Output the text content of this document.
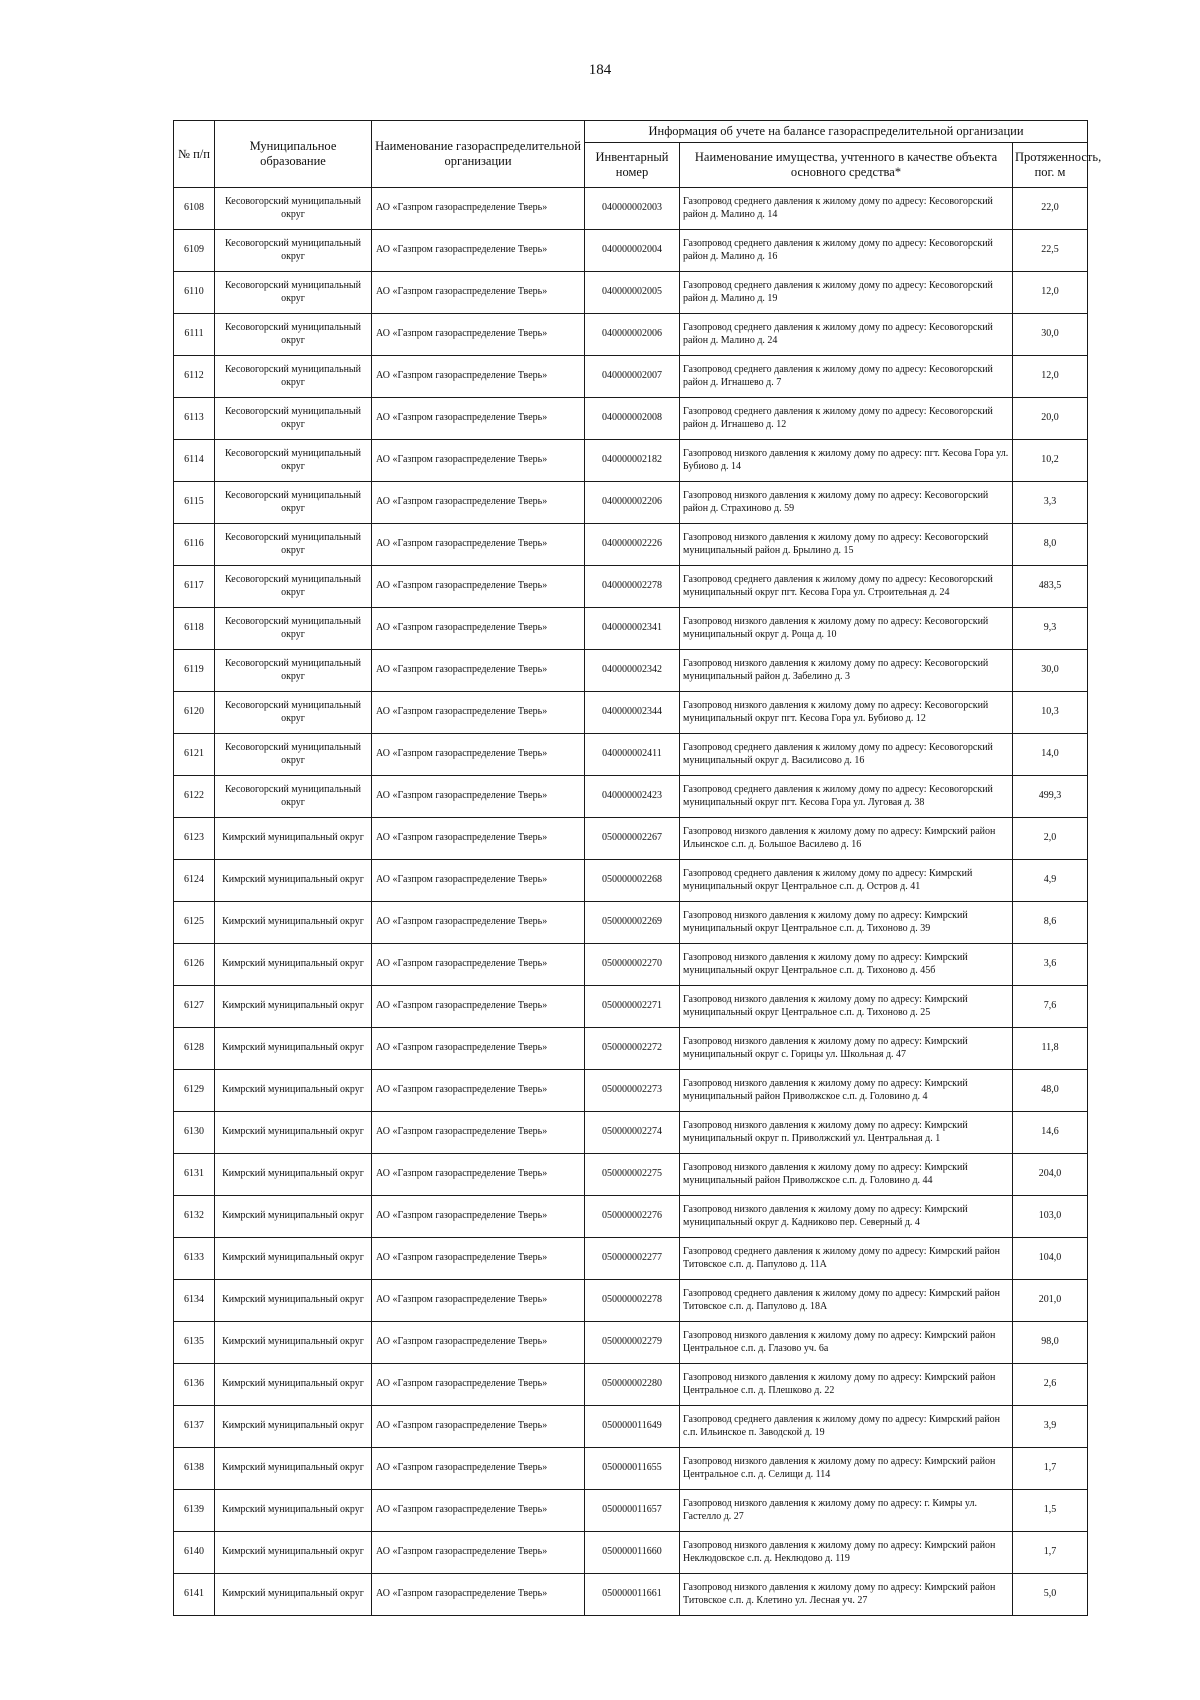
184
№ п/п	Муниципальное образование	Наименование газораспределительной организации	Информация об учете на балансе газораспределительной организации		
			Инвентарный номер	Наименование имущества, учтенного в качестве объекта основного средства*	Протяженность, пог. м
6108	Кесовогорский муниципальный округ	АО «Газпром газораспределение Тверь»	040000002003	Газопровод среднего давления к жилому дому по адресу: Кесовогорский район д. Малино д. 14	22,0
6109	Кесовогорский муниципальный округ	АО «Газпром газораспределение Тверь»	040000002004	Газопровод среднего давления к жилому дому по адресу: Кесовогорский район д. Малино д. 16	22,5
6110	Кесовогорский муниципальный округ	АО «Газпром газораспределение Тверь»	040000002005	Газопровод среднего давления к жилому дому по адресу: Кесовогорский район д. Малино д. 19	12,0
6111	Кесовогорский муниципальный округ	АО «Газпром газораспределение Тверь»	040000002006	Газопровод среднего давления к жилому дому по адресу: Кесовогорский район д. Малино д. 24	30,0
6112	Кесовогорский муниципальный округ	АО «Газпром газораспределение Тверь»	040000002007	Газопровод среднего давления к жилому дому по адресу: Кесовогорский район д. Игнашево д. 7	12,0
6113	Кесовогорский муниципальный округ	АО «Газпром газораспределение Тверь»	040000002008	Газопровод среднего давления к жилому дому по адресу: Кесовогорский район д. Игнашево д. 12	20,0
6114	Кесовогорский муниципальный округ	АО «Газпром газораспределение Тверь»	040000002182	Газопровод низкого давления к жилому дому по адресу: пгт. Кесова Гора ул. Бубиово д. 14	10,2
6115	Кесовогорский муниципальный округ	АО «Газпром газораспределение Тверь»	040000002206	Газопровод низкого давления к жилому дому по адресу: Кесовогорский район д. Страхиново д. 59	3,3
6116	Кесовогорский муниципальный округ	АО «Газпром газораспределение Тверь»	040000002226	Газопровод низкого давления к жилому дому по адресу: Кесовогорский муниципальный район д. Брылино д. 15	8,0
6117	Кесовогорский муниципальный округ	АО «Газпром газораспределение Тверь»	040000002278	Газопровод среднего давления к жилому дому по адресу: Кесовогорский муниципальный округ пгт. Кесова Гора ул. Строительная д. 24	483,5
6118	Кесовогорский муниципальный округ	АО «Газпром газораспределение Тверь»	040000002341	Газопровод низкого давления к жилому дому по адресу: Кесовогорский муниципальный округ д. Роща д. 10	9,3
6119	Кесовогорский муниципальный округ	АО «Газпром газораспределение Тверь»	040000002342	Газопровод низкого давления к жилому дому по адресу: Кесовогорский муниципальный район д. Забелино д. 3	30,0
6120	Кесовогорский муниципальный округ	АО «Газпром газораспределение Тверь»	040000002344	Газопровод низкого давления к жилому дому по адресу: Кесовогорский муниципальный округ пгт. Кесова Гора ул. Бубиово д. 12	10,3
6121	Кесовогорский муниципальный округ	АО «Газпром газораспределение Тверь»	040000002411	Газопровод среднего давления к жилому дому по адресу: Кесовогорский муниципальный округ д. Василисово д. 16	14,0
6122	Кесовогорский муниципальный округ	АО «Газпром газораспределение Тверь»	040000002423	Газопровод среднего давления к жилому дому по адресу: Кесовогорский муниципальный округ пгт. Кесова Гора ул. Луговая д. 38	499,3
6123	Кимрский муниципальный округ	АО «Газпром газораспределение Тверь»	050000002267	Газопровод низкого давления к жилому дому по адресу: Кимрский район Ильинское с.п. д. Большое Василево д. 16	2,0
6124	Кимрский муниципальный округ	АО «Газпром газораспределение Тверь»	050000002268	Газопровод среднего давления к жилому дому по адресу: Кимрский муниципальный округ Центральное с.п. д. Остров д. 41	4,9
6125	Кимрский муниципальный округ	АО «Газпром газораспределение Тверь»	050000002269	Газопровод низкого давления к жилому дому по адресу: Кимрский муниципальный округ Центральное с.п. д. Тихоново д. 39	8,6
6126	Кимрский муниципальный округ	АО «Газпром газораспределение Тверь»	050000002270	Газопровод низкого давления к жилому дому по адресу: Кимрский муниципальный округ Центральное с.п. д. Тихоново д. 45б	3,6
6127	Кимрский муниципальный округ	АО «Газпром газораспределение Тверь»	050000002271	Газопровод низкого давления к жилому дому по адресу: Кимрский муниципальный округ Центральное с.п. д. Тихоново д. 25	7,6
6128	Кимрский муниципальный округ	АО «Газпром газораспределение Тверь»	050000002272	Газопровод низкого давления к жилому дому по адресу: Кимрский муниципальный округ с. Горицы ул. Школьная д. 47	11,8
6129	Кимрский муниципальный округ	АО «Газпром газораспределение Тверь»	050000002273	Газопровод низкого давления к жилому дому по адресу: Кимрский муниципальный район Приволжское с.п. д. Головино д. 4	48,0
6130	Кимрский муниципальный округ	АО «Газпром газораспределение Тверь»	050000002274	Газопровод низкого давления к жилому дому по адресу: Кимрский муниципальный округ п. Приволжский ул. Центральная д. 1	14,6
6131	Кимрский муниципальный округ	АО «Газпром газораспределение Тверь»	050000002275	Газопровод низкого давления к жилому дому по адресу: Кимрский муниципальный район Приволжское с.п. д. Головино д. 44	204,0
6132	Кимрский муниципальный округ	АО «Газпром газораспределение Тверь»	050000002276	Газопровод низкого давления к жилому дому по адресу: Кимрский муниципальный округ д. Кадниково пер. Северный д. 4	103,0
6133	Кимрский муниципальный округ	АО «Газпром газораспределение Тверь»	050000002277	Газопровод среднего давления к жилому дому по адресу: Кимрский район Титовское с.п. д. Папулово д. 11А	104,0
6134	Кимрский муниципальный округ	АО «Газпром газораспределение Тверь»	050000002278	Газопровод среднего давления к жилому дому по адресу: Кимрский район Титовское с.п. д. Папулово д. 18А	201,0
6135	Кимрский муниципальный округ	АО «Газпром газораспределение Тверь»	050000002279	Газопровод низкого давления к жилому дому по адресу: Кимрский район Центральное с.п. д. Глазово уч. 6а	98,0
6136	Кимрский муниципальный округ	АО «Газпром газораспределение Тверь»	050000002280	Газопровод низкого давления к жилому дому по адресу: Кимрский район Центральное с.п. д. Плешково д. 22	2,6
6137	Кимрский муниципальный округ	АО «Газпром газораспределение Тверь»	050000011649	Газопровод среднего давления к жилому дому по адресу: Кимрский район с.п. Ильинское п. Заводской д. 19	3,9
6138	Кимрский муниципальный округ	АО «Газпром газораспределение Тверь»	050000011655	Газопровод низкого давления к жилому дому по адресу: Кимрский район Центральное с.п. д. Селищи д. 114	1,7
6139	Кимрский муниципальный округ	АО «Газпром газораспределение Тверь»	050000011657	Газопровод низкого давления к жилому дому по адресу: г. Кимры ул. Гастелло д. 27	1,5
6140	Кимрский муниципальный округ	АО «Газпром газораспределение Тверь»	050000011660	Газопровод низкого давления к жилому дому по адресу: Кимрский район Неклюдовское с.п. д. Неклюдово д. 119	1,7
6141	Кимрский муниципальный округ	АО «Газпром газораспределение Тверь»	050000011661	Газопровод низкого давления к жилому дому по адресу: Кимрский район Титовское с.п. д. Клетино ул. Лесная уч. 27	5,0
